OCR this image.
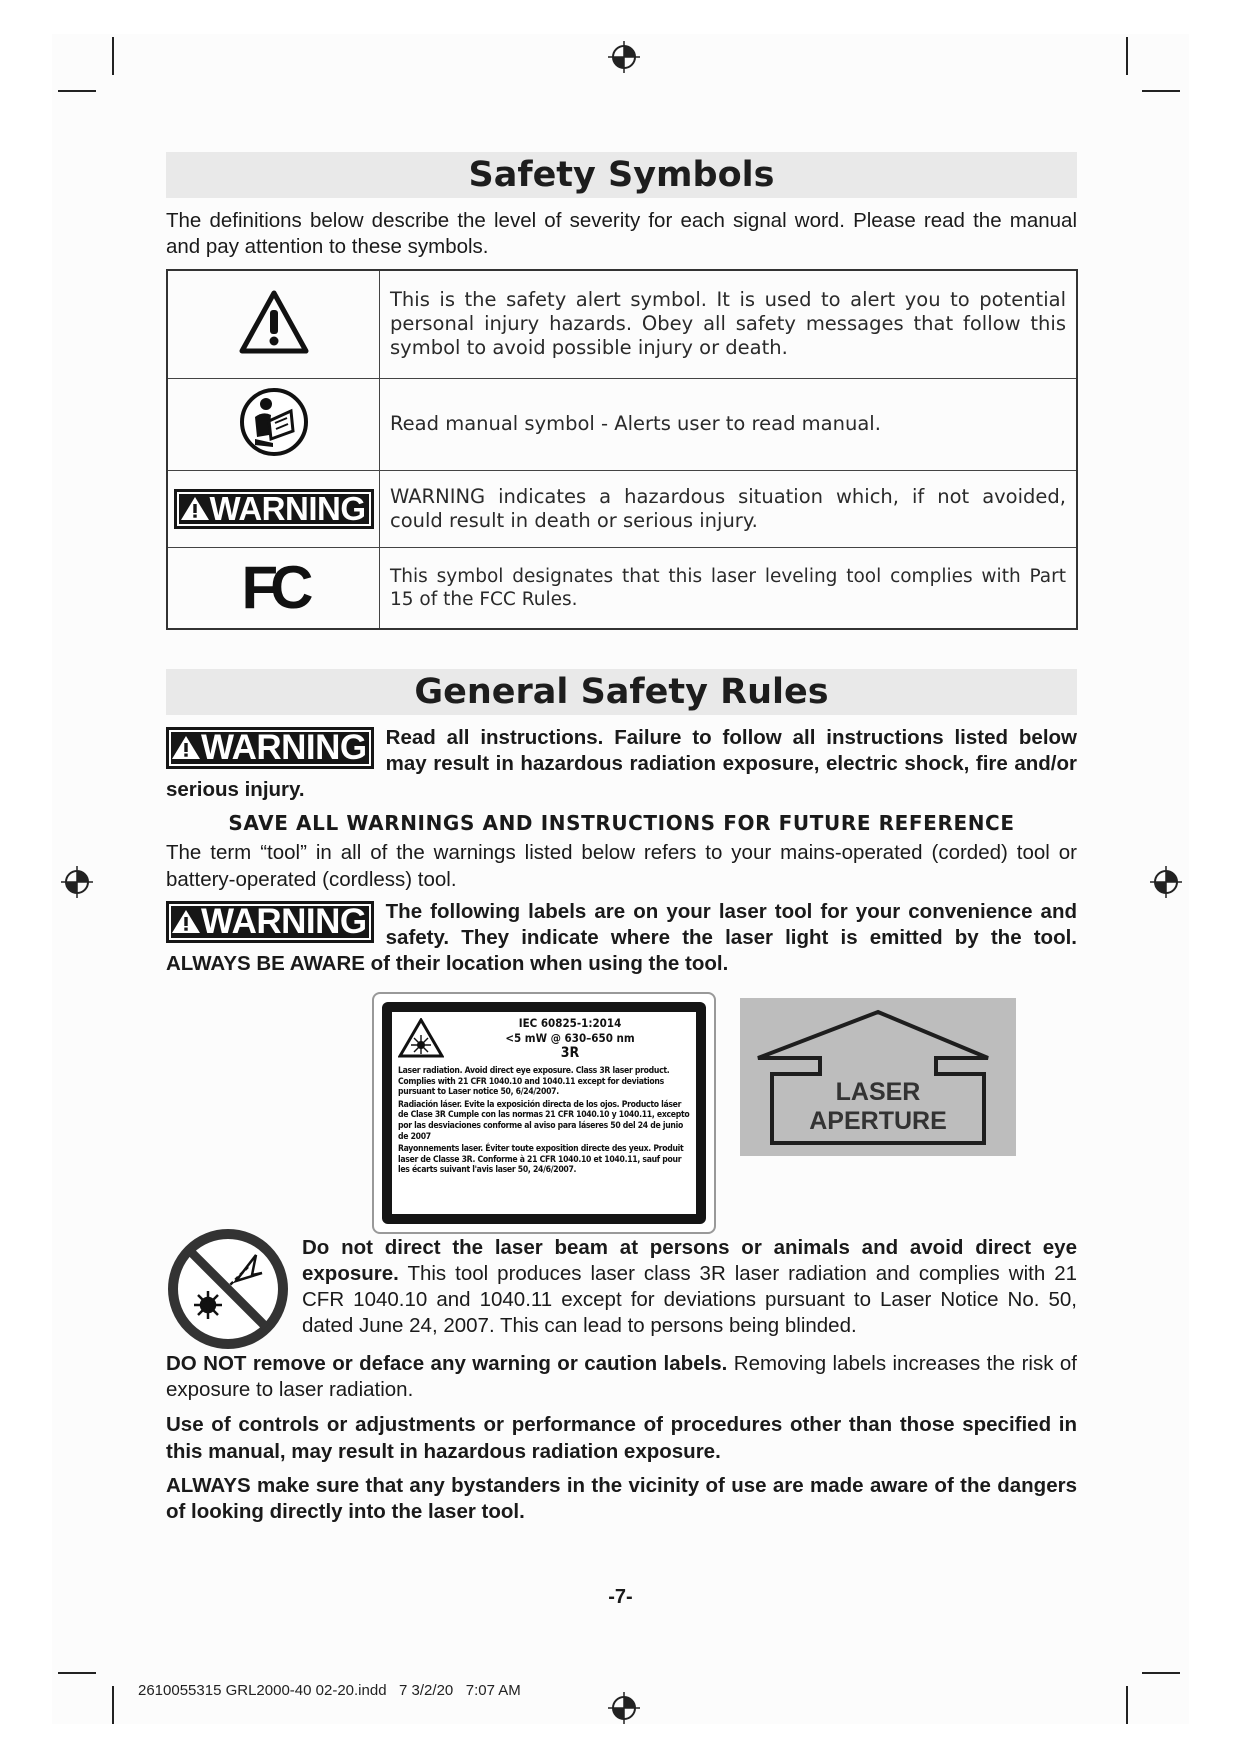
Safety Symbols

The definitions below describe the level of severity for each signal word. Please read the manual and pay attention to these symbols.

	This is the safety alert symbol. It is used to alert you to potential personal injury hazards. Obey all safety messages that follow this symbol to avoid possible injury or death.
	Read manual symbol - Alerts user to read manual.
WARNING	WARNING indicates a hazardous situation which, if not avoided, could result in death or serious injury.
FC	This symbol designates that this laser leveling tool complies with Part 15 of the FCC Rules.
General Safety Rules
WARNING Read all instructions. Failure to follow all instructions listed below may result in hazardous radiation exposure, electric shock, fire and/or serious injury.
SAVE ALL WARNINGS AND INSTRUCTIONS FOR FUTURE REFERENCE
The term “tool” in all of the warnings listed below refers to your mains-operated (corded) tool or battery-operated (cordless) tool.
WARNING The following labels are on your laser tool for your convenience and safety. They indicate where the laser light is emitted by the tool. ALWAYS BE AWARE of their location when using the tool.
Do not direct the laser beam at persons or animals and avoid direct eye exposure. This tool produces laser class 3R laser radiation and complies with 21 CFR 1040.10 and 1040.11 except for deviations pursuant to Laser Notice No. 50, dated June 24, 2007. This can lead to persons being blinded.
DO NOT remove or deface any warning or caution labels. Removing labels increases the risk of exposure to laser radiation.
Use of controls or adjustments or performance of procedures other than those specified in this manual, may result in hazardous radiation exposure.
ALWAYS make sure that any bystanders in the vicinity of use are made aware of the dangers of looking directly into the laser tool.
IEC 60825-1:2014
<5 mW @ 630–650 nm
3R
Laser radiation. Avoid direct eye exposure. Class 3R laser product. Complies with 21 CFR 1040.10 and 1040.11 except for deviations pursuant to Laser notice 50, 6/24/2007.
Radiación láser. Evite la exposición directa de los ojos. Producto láser de Clase 3R Cumple con las normas 21 CFR 1040.10 y 1040.11, excepto por las desviaciones conforme al aviso para láseres 50 del 24 de junio de 2007
Rayonnements laser. Éviter toute exposition directe des yeux. Produit laser de Classe 3R. Conforme à 21 CFR 1040.10 et 1040.11, sauf pour les écarts suivant l'avis laser 50, 24/6/2007.
LASER
APERTURE
-7-
2610055315 GRL2000-40 02-20.indd   7 3/2/20   7:07 AM
